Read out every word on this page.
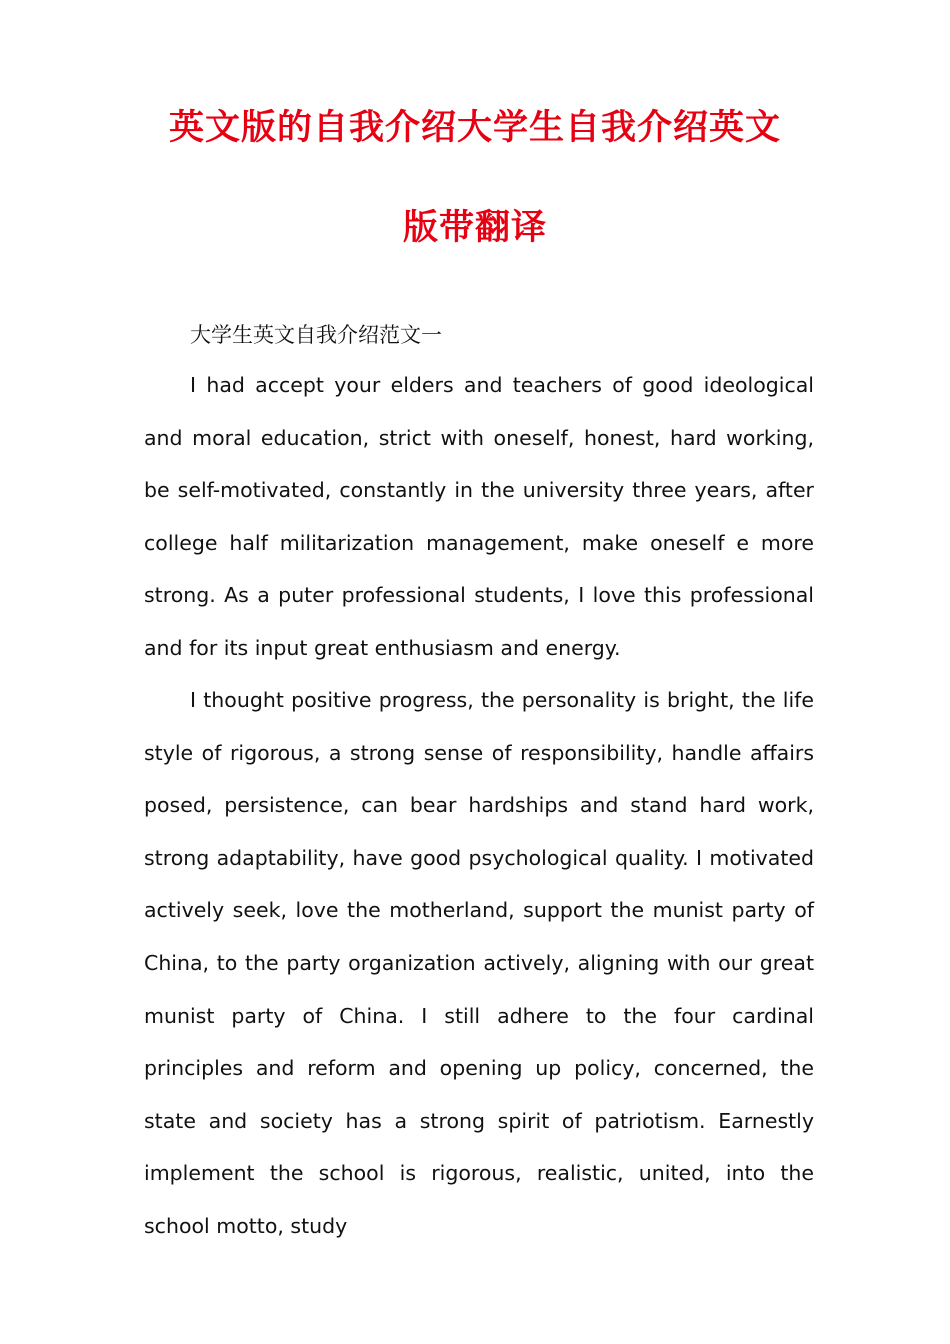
英文版的自我介绍大学生自我介绍英文
版带翻译
大学生英文自我介绍范文一

I had accept your elders and teachers of good ideological and moral education, strict with oneself, honest, hard working, be self-motivated, constantly in the university three years, after college half militarization management, make oneself e more strong. As a puter professional students, I love this professional and for its input great enthusiasm and energy.

I thought positive progress, the personality is bright, the life style of rigorous, a strong sense of responsibility, handle affairs posed, persistence, can bear hardships and stand hard work, strong adaptability, have good psychological quality. I motivated actively seek, love the motherland, support the munist party of China, to the party organization actively, aligning with our great munist party of China. I still adhere to the four cardinal principles and reform and opening up policy, concerned, the state and society has a strong spirit of patriotism. Earnestly implement the school is rigorous, realistic, united, into the school motto, study
